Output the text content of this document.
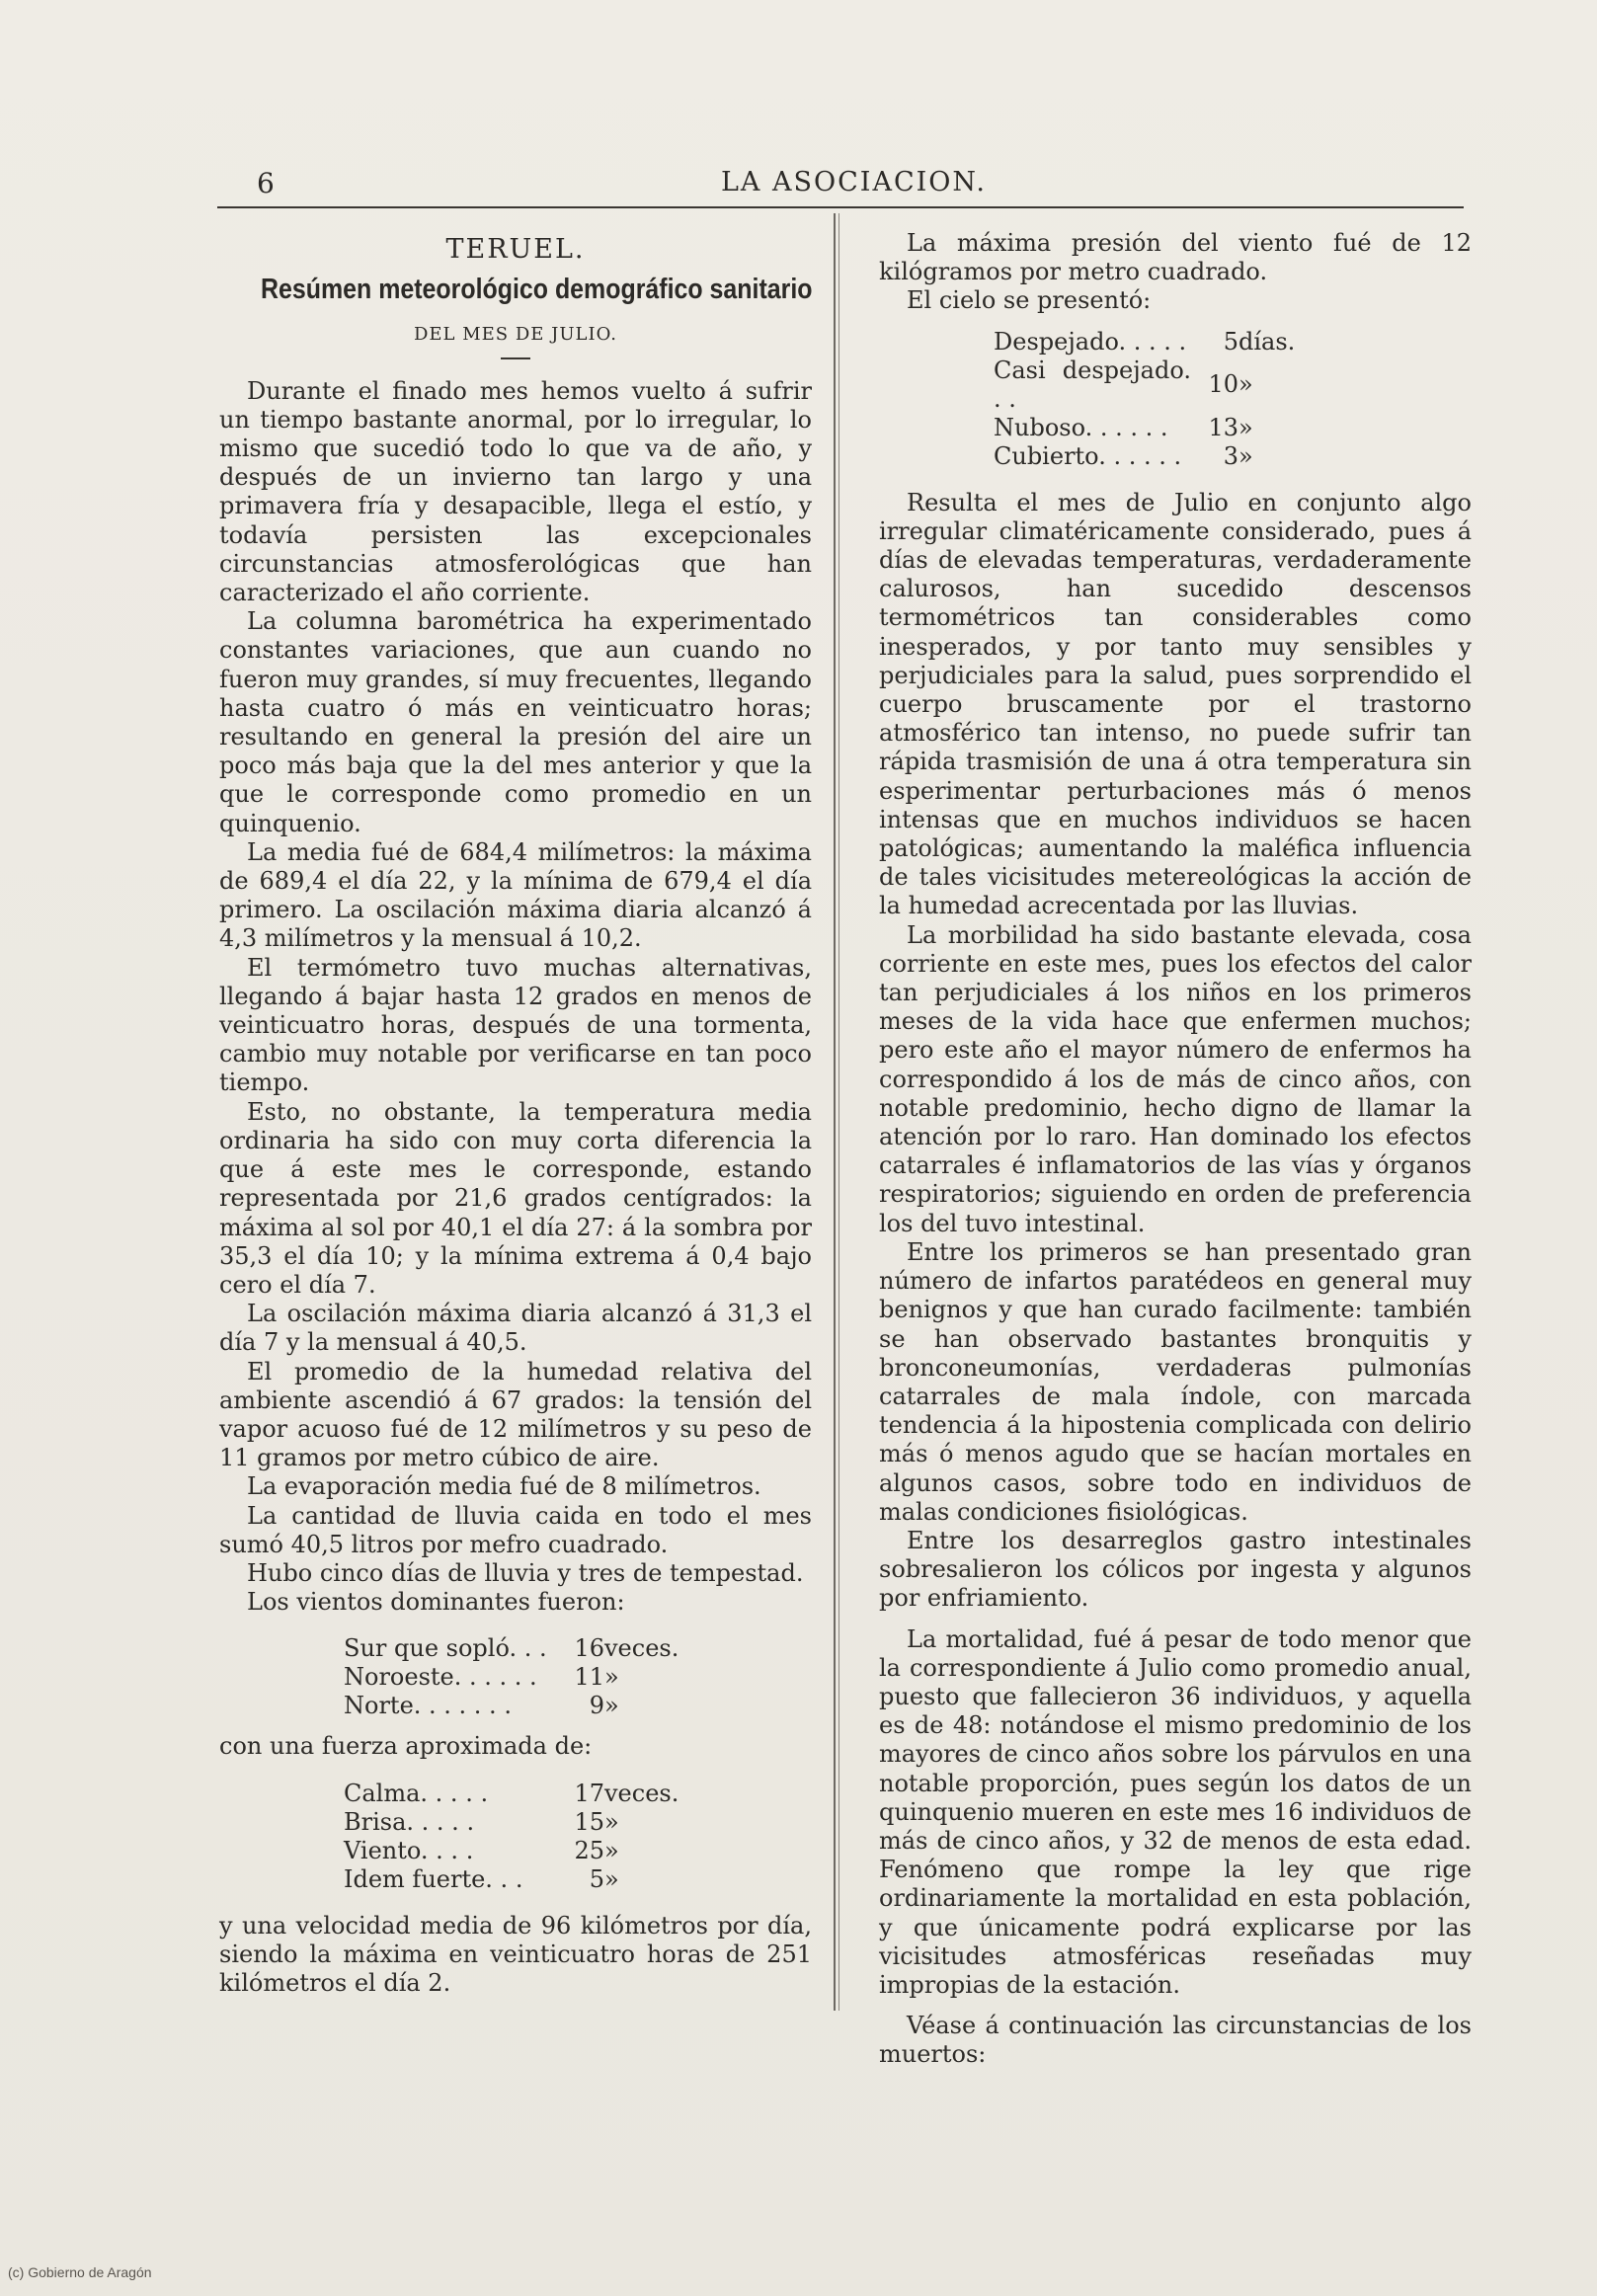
6	LA ASOCIACION.

TERUEL.

Resúmen meteorológico demográfico sanitario

DEL MES DE JULIO.

Durante el finado mes hemos vuelto á sufrir un tiempo bastante anormal, por lo irregular, lo mismo que sucedió todo lo que va de año, y después de un invierno tan largo y una primavera fría y desapacible, llega el estío, y todavía persisten las excepcionales circunstancias atmosferológicas que han caracterizado el año corriente.

La columna barométrica ha experimentado constantes variaciones, que aun cuando no fueron muy grandes, sí muy frecuentes, llegando hasta cuatro ó más en veinticuatro horas; resultando en general la presión del aire un poco más baja que la del mes anterior y que la que le corresponde como promedio en un quinquenio.

La media fué de 684,4 milímetros: la máxima de 689,4 el día 22, y la mínima de 679,4 el día primero. La oscilación máxima diaria alcanzó á 4,3 milímetros y la mensual á 10,2.

El termómetro tuvo muchas alternativas, llegando á bajar hasta 12 grados en menos de veinticuatro horas, después de una tormenta, cambio muy notable por verificarse en tan poco tiempo.

Esto, no obstante, la temperatura media ordinaria ha sido con muy corta diferencia la que á este mes le corresponde, estando representada por 21,6 grados centígrados: la máxima al sol por 40,1 el día 27: á la sombra por 35,3 el día 10; y la mínima extrema á 0,4 bajo cero el día 7.

La oscilación máxima diaria alcanzó á 31,3 el día 7 y la mensual á 40,5.

El promedio de la humedad relativa del ambiente ascendió á 67 grados: la tensión del vapor acuoso fué de 12 milímetros y su peso de 11 gramos por metro cúbico de aire.

La evaporación media fué de 8 milímetros.

La cantidad de lluvia caida en todo el mes sumó 40,5 litros por mefro cuadrado.

Hubo cinco días de lluvia y tres de tempestad.

Los vientos dominantes fueron:

Sur que sopló. . .	16	veces.
Noroeste. . . . . .	11	»
Norte. . . . . . .	9	»

con una fuerza aproximada de:

Calma. . . . .	17	veces.
Brisa. . . . .	15	»
Viento. . . .	25	»
Idem fuerte. . .	5	»

y una velocidad media de 96 kilómetros por día, siendo la máxima en veinticuatro horas de 251 kilómetros el día 2.

La máxima presión del viento fué de 12 kilógramos por metro cuadrado.

El cielo se presentó:

Despejado. . . . .	5	días.
Casi despejado. . .	10	»
Nuboso. . . . . .	13	»
Cubierto. . . . . .	3	»

Resulta el mes de Julio en conjunto algo irregular climatéricamente considerado, pues á días de elevadas temperaturas, verdaderamente calurosos, han sucedido descensos termométricos tan considerables como inesperados, y por tanto muy sensibles y perjudiciales para la salud, pues sorprendido el cuerpo bruscamente por el trastorno atmosférico tan intenso, no puede sufrir tan rápida trasmisión de una á otra temperatura sin esperimentar perturbaciones más ó menos intensas que en muchos individuos se hacen patológicas; aumentando la maléfica influencia de tales vicisitudes metereológicas la acción de la humedad acrecentada por las lluvias.

La morbilidad ha sido bastante elevada, cosa corriente en este mes, pues los efectos del calor tan perjudiciales á los niños en los primeros meses de la vida hace que enfermen muchos; pero este año el mayor número de enfermos ha correspondido á los de más de cinco años, con notable predominio, hecho digno de llamar la atención por lo raro. Han dominado los efectos catarrales é inflamatorios de las vías y órganos respiratorios; siguiendo en orden de preferencia los del tuvo intestinal.

Entre los primeros se han presentado gran número de infartos paratédeos en general muy benignos y que han curado facilmente: también se han observado bastantes bronquitis y bronconeumonías, verdaderas pulmonías catarrales de mala índole, con marcada tendencia á la hipostenia complicada con delirio más ó menos agudo que se hacían mortales en algunos casos, sobre todo en individuos de malas condiciones fisiológicas.

Entre los desarreglos gastro intestinales sobresalieron los cólicos por ingesta y algunos por enfriamiento.

La mortalidad, fué á pesar de todo menor que la correspondiente á Julio como promedio anual, puesto que fallecieron 36 individuos, y aquella es de 48: notándose el mismo predominio de los mayores de cinco años sobre los párvulos en una notable proporción, pues según los datos de un quinquenio mueren en este mes 16 individuos de más de cinco años, y 32 de menos de esta edad. Fenómeno que rompe la ley que rige ordinariamente la mortalidad en esta población, y que únicamente podrá explicarse por las vicisitudes atmosféricas reseñadas muy impropias de la estación.

Véase á continuación las circunstancias de los muertos:

(c) Gobierno de Aragón
